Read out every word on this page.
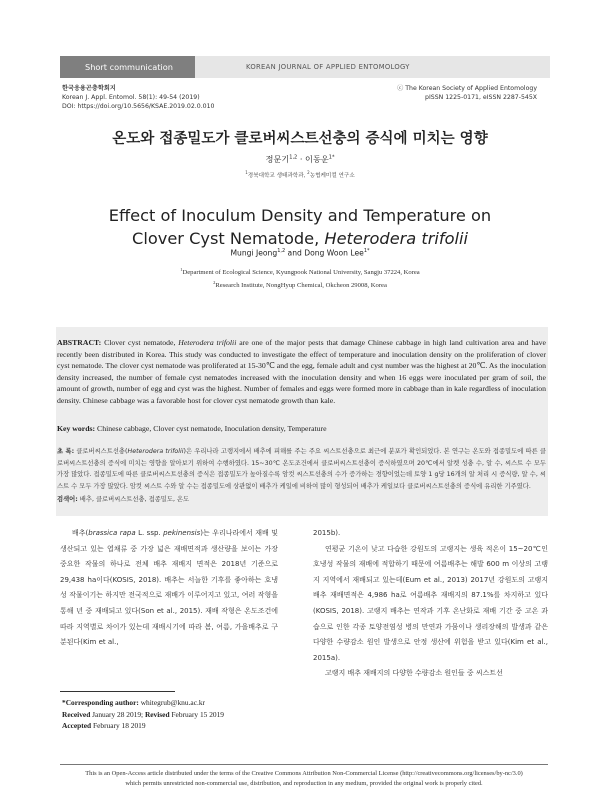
Short communication	KOREAN JOURNAL OF APPLIED ENTOMOLOGY
한국응용곤충학회지
Korean J. Appl. Entomol. 58(1): 49-54 (2019)
DOI: https://doi.org/10.5656/KSAE.2019.02.0.010
ⓒ The Korean Society of Applied Entomology
pISSN 1225-0171, eISSN 2287-545X
온도와 접종밀도가 클로버씨스트선충의 증식에 미치는 영향
정문기$^{1,2}$ · 이동운$^{1*}$
$^1$경북대학교 생태과학과, $^2$농협케미컬 연구소
Effect of Inoculum Density and Temperature on
Clover Cyst Nematode, Heterodera trifolii
Mungi Jeong$^{1,2}$ and Dong Woon Lee$^{1*}$
$^1$Department of Ecological Science, Kyungpook National University, Sangju 37224, Korea
$^2$Research Institute, NongHyup Chemical, Okcheon 29008, Korea
ABSTRACT: Clover cyst nematode, Heterodera trifolii are one of the major pests that damage Chinese cabbage in high land cultivation area and have recently been distributed in Korea. This study was conducted to investigate the effect of temperature and inoculation density on the proliferation of clover cyst nematode. The clover cyst nematode was proliferated at 15-30℃ and the egg, female adult and cyst number was the highest at 20℃. As the inoculation density increased, the number of female cyst nematodes increased with the inoculation density and when 16 eggs were inoculated per gram of soil, the amount of growth, number of egg and cyst was the highest. Number of females and eggs were formed more in cabbage than in kale regardless of inoculation density. Chinese cabbage was a favorable host for clover cyst nematode growth than kale.
Key words: Chinese cabbage, Clover cyst nematode, Inoculation density, Temperature
초 록: 클로버씨스트선충(Heterodera trifolii)은 우리나라 고랭지에서 배추에 피해를 주는 주요 씨스트선충으로 최근에 분포가 확인되었다. 본 연구는 온도와 접종밀도에 따른 클로버씨스트선충의 증식에 미치는 영향을 알아보기 위하여 수행하였다. 15~30℃ 온도조건에서 클로버씨스트선충이 증식하였으며 20℃에서 알켓 성충 수, 알 수, 씨스트 수 모두 가장 많았다. 접종밀도에 따른 클로버씨스트선충의 증식은 접종밀도가 높아질수록 암컷 씨스트선충의 수가 증가하는 경향이었는데 토양 1 g당 16개의 알 처리 시 증식량, 알 수, 씨스트 수 모두 가장 많았다. 암컷 씨스트 수와 알 수는 접종밀도에 상관없이 배추가 케일에 비하여 많이 형성되어 배추가 케일보다 클로버씨스트선충의 증식에 유리한 기주였다.
검색어: 배추, 클로버씨스트선충, 접종밀도, 온도

배추(brassica rapa L. ssp. pekinensis)는 우리나라에서 재배 및 생산되고 있는 엽채류 중 가장 넓은 재배면적과 생산량을 보이는 가장 중요한 작물의 하나로 전체 배추 재배지 면적은 2018년 기준으로 29,438 ha이다(KOSIS, 2018). 배추는 서늘한 기후를 좋아하는 호냉성 작물이기는 하지만 전국적으로 재배가 이루어지고 있고, 여러 작형을 통해 년 중 재배되고 있다(Son et al., 2015). 재배 작형은 온도조건에 따라 지역별로 차이가 있는데 재배시기에 따라 봄, 여름, 가을배추로 구분된다(Kim et al.,

2015b).

연평균 기온이 낮고 다습한 강원도의 고랭지는 생육 적온이 15~20℃인 호냉성 작물의 재배에 적합하기 때문에 여름배추는 해발 600 m 이상의 고랭지 지역에서 재배되고 있는데(Eum et al., 2013) 2017년 강원도의 고랭지 배추 재배면적은 4,986 ha로 여름배추 재배지의 87.1%를 차지하고 있다(KOSIS, 2018). 고랭지 배추는 연작과 기후 온난화로 재배 기간 중 고온 과습으로 인한 각종 토양전염성 병의 만연과 가뭄이나 생리장해의 발생과 같은 다양한 수량감소 원인 발생으로 안정 생산에 위험을 받고 있다(Kim et al., 2015a).

고랭지 배추 재배지의 다양한 수량감소 원인들 중 씨스트선

*Corresponding author: whitegrub@knu.ac.kr
Received January 28 2019; Revised February 15 2019
Accepted February 18 2019
This is an Open-Access article distributed under the terms of the Creative Commons Attribution Non-Commercial License (http://creativecommons.org/licenses/by-nc/3.0)
which permits unrestricted non-commercial use, distribution, and reproduction in any medium, provided the original work is properly cited.
